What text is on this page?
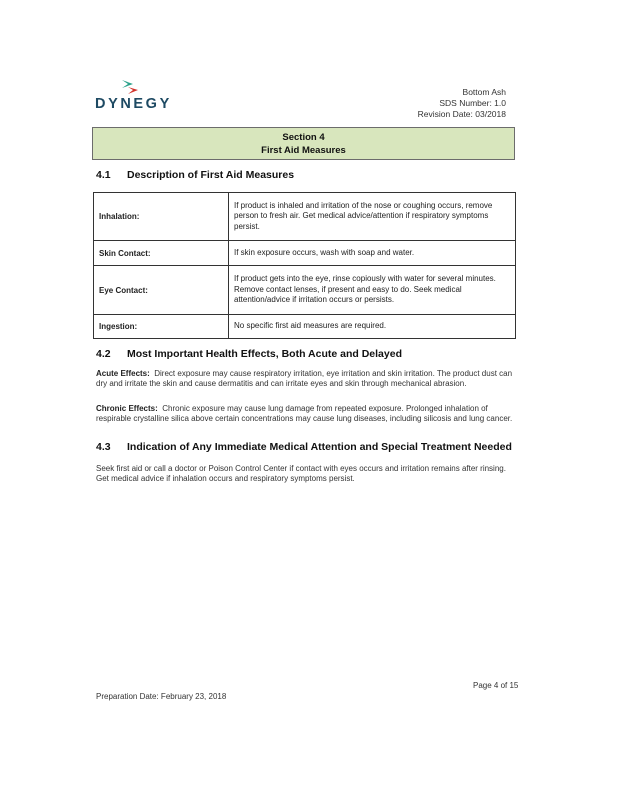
DYNEGY
Bottom Ash
SDS Number: 1.0
Revision Date: 03/2018
Section 4
First Aid Measures
4.1 Description of First Aid Measures
Inhalation:	If product is inhaled and irritation of the nose or coughing occurs, remove person to fresh air. Get medical advice/attention if respiratory symptoms persist.
Skin Contact:	If skin exposure occurs, wash with soap and water.
Eye Contact:	If product gets into the eye, rinse copiously with water for several minutes. Remove contact lenses, if present and easy to do. Seek medical attention/advice if irritation occurs or persists.
Ingestion:	No specific first aid measures are required.
4.2 Most Important Health Effects, Both Acute and Delayed
Acute Effects: Direct exposure may cause respiratory irritation, eye irritation and skin irritation. The product dust can dry and irritate the skin and cause dermatitis and can irritate eyes and skin through mechanical abrasion.
Chronic Effects: Chronic exposure may cause lung damage from repeated exposure. Prolonged inhalation of respirable crystalline silica above certain concentrations may cause lung diseases, including silicosis and lung cancer.
4.3 Indication of Any Immediate Medical Attention and Special Treatment Needed
Seek first aid or call a doctor or Poison Control Center if contact with eyes occurs and irritation remains after rinsing. Get medical advice if inhalation occurs and respiratory symptoms persist.
Page 4 of 15
Preparation Date: February 23, 2018
